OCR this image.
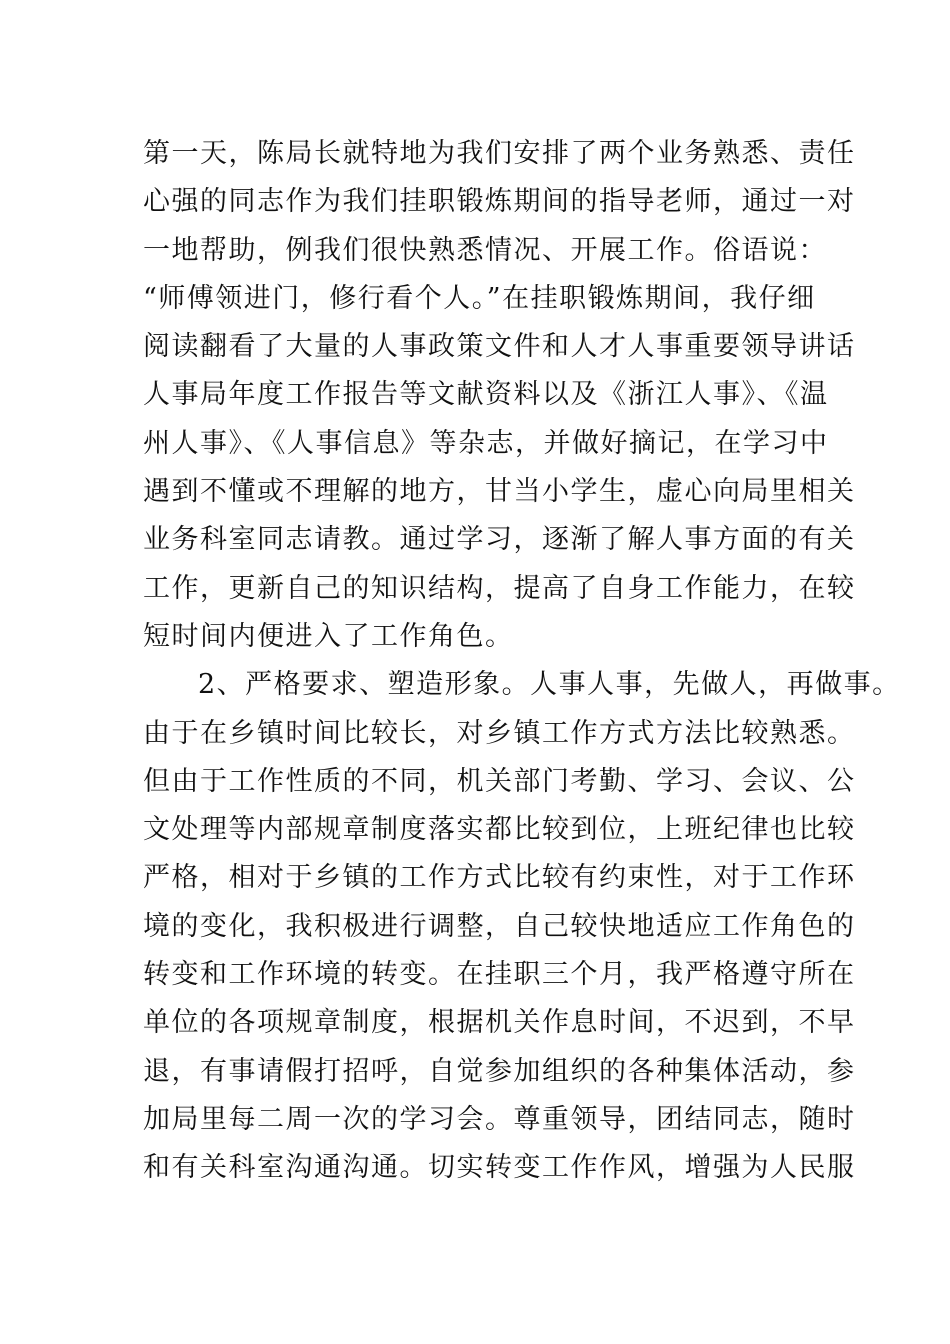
第一天，陈局长就特地为我们安排了两个业务熟悉、责任
心强的同志作为我们挂职锻炼期间的指导老师，通过一对
一地帮助，例我们很快熟悉情况、开展工作。俗语说：
“师傅领进门，修行看个人。”在挂职锻炼期间，我仔细
阅读翻看了大量的人事政策文件和人才人事重要领导讲话
人事局年度工作报告等文献资料以及《浙江人事》、《温
州人事》、《人事信息》等杂志，并做好摘记，在学习中
遇到不懂或不理解的地方，甘当小学生，虚心向局里相关
业务科室同志请教。通过学习，逐渐了解人事方面的有关
工作，更新自己的知识结构，提高了自身工作能力，在较
短时间内便进入了工作角色。
2、严格要求、塑造形象。人事人事，先做人，再做事。
由于在乡镇时间比较长，对乡镇工作方式方法比较熟悉。
但由于工作性质的不同，机关部门考勤、学习、会议、公
文处理等内部规章制度落实都比较到位，上班纪律也比较
严格，相对于乡镇的工作方式比较有约束性，对于工作环
境的变化，我积极进行调整，自己较快地适应工作角色的
转变和工作环境的转变。在挂职三个月，我严格遵守所在
单位的各项规章制度，根据机关作息时间，不迟到，不早
退，有事请假打招呼，自觉参加组织的各种集体活动，参
加局里每二周一次的学习会。尊重领导，团结同志，随时
和有关科室沟通沟通。切实转变工作作风，增强为人民服
